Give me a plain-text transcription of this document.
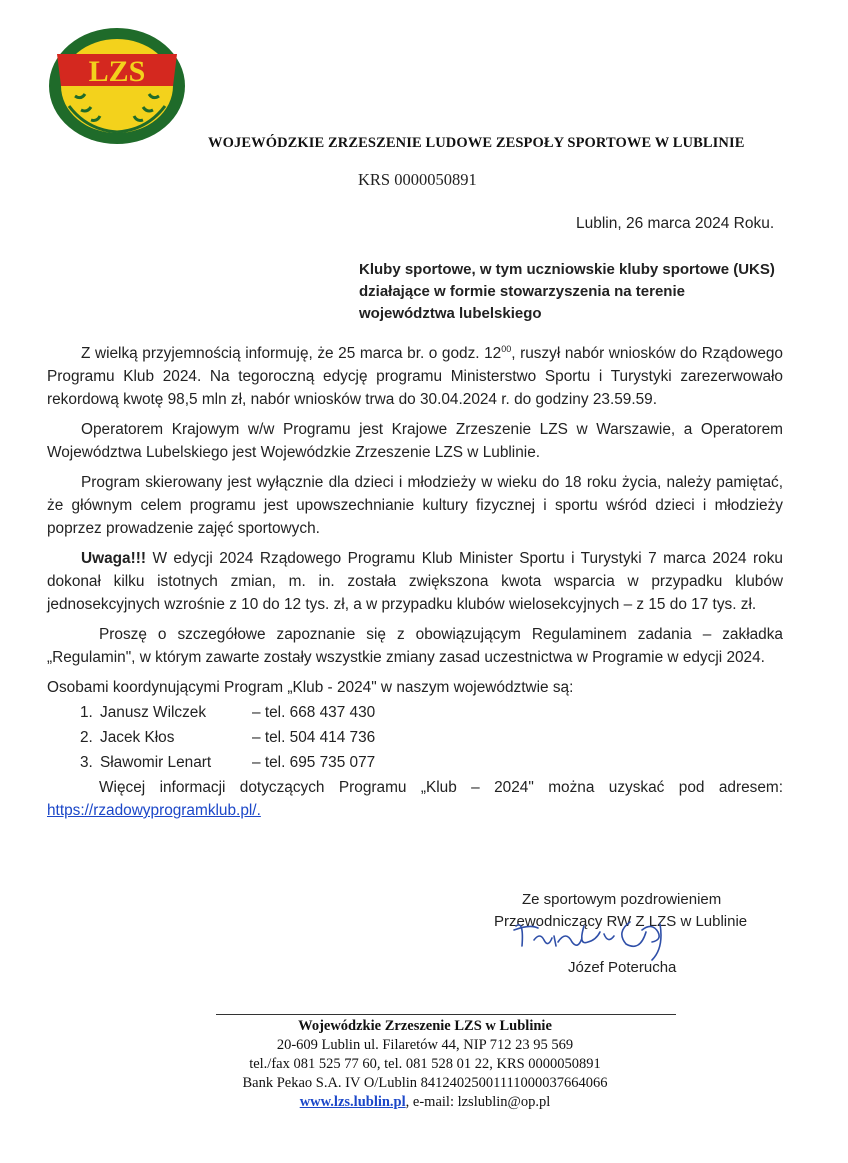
LZS
WOJEWÓDZKIE ZRZESZENIE LUDOWE ZESPOŁY SPORTOWE W LUBLINIE
KRS 0000050891
Lublin, 26 marca 2024 Roku.
Kluby sportowe, w tym uczniowskie kluby sportowe (UKS) działające w formie stowarzyszenia na terenie województwa lubelskiego

Z wielką przyjemnością informuję, że 25 marca br. o godz. $12^{00}$, ruszył nabór wniosków do Rządowego Programu Klub 2024. Na tegoroczną edycję programu Ministerstwo Sportu i Turystyki zarezerwowało rekordową kwotę 98,5 mln zł, nabór wniosków trwa do 30.04.2024 r. do godziny 23.59.59.

Operatorem Krajowym w/w Programu jest Krajowe Zrzeszenie LZS w Warszawie, a Operatorem Województwa Lubelskiego jest Wojewódzkie Zrzeszenie LZS w Lublinie.

Program skierowany jest wyłącznie dla dzieci i młodzieży w wieku do 18 roku życia, należy pamiętać, że głównym celem programu jest upowszechnianie kultury fizycznej i sportu wśród dzieci i młodzieży poprzez prowadzenie zajęć sportowych.

Uwaga!!! W edycji 2024 Rządowego Programu Klub Minister Sportu i Turystyki 7 marca 2024 roku dokonał kilku istotnych zmian, m. in. została zwiększona kwota wsparcia w przypadku klubów jednosekcyjnych wzrośnie z 10 do 12 tys. zł, a w przypadku klubów wielosekcyjnych – z 15 do 17 tys. zł.

Proszę o szczegółowe zapoznanie się z obowiązującym Regulaminem zadania – zakładka „Regulamin", w którym zawarte zostały wszystkie zmiany zasad uczestnictwa w Programie w edycji 2024.

Osobami koordynującymi Program „Klub - 2024" w naszym województwie są:

1. Janusz Wilczek	– tel. 668 437 430
2. Jacek Kłos	– tel. 504 414 736
3. Sławomir Lenart	– tel. 695 735 077

Więcej informacji dotyczących Programu „Klub – 2024" można uzyskać pod adresem: https://rzadowyprogramklub.pl/.

Ze sportowym pozdrowieniem
Przewodniczący RW Z LZS w Lublinie
Józef Poterucha
Wojewódzkie Zrzeszenie LZS w Lublinie
20-609 Lublin ul. Filaretów 44, NIP 712 23 95 569
tel./fax 081 525 77 60, tel. 081 528 01 22, KRS 0000050891
Bank Pekao S.A. IV O/Lublin 84124025001111000037664066
www.lzs.lublin.pl, e-mail: lzslublin@op.pl
